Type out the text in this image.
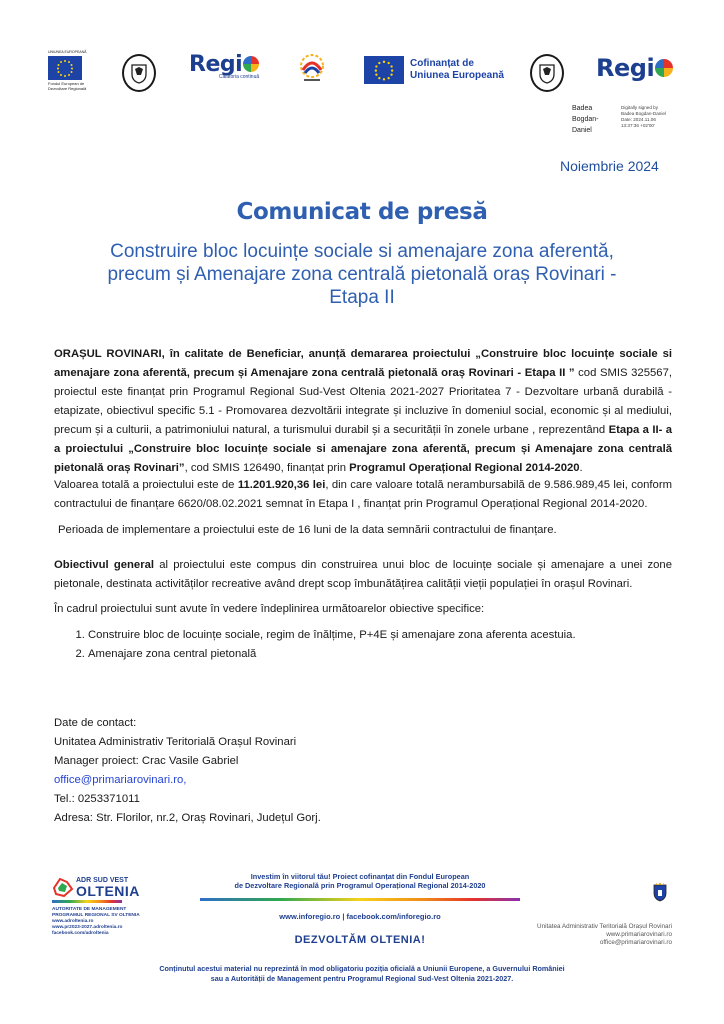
UNIUNEA EUROPEANĂ
Fondul European de Dezvoltare Regională
Regi
Călătoria continuă
Cofinanțat de
Uniunea Europeană	Regi
Badea
Bogdan-
Daniel
Digitally signed by
Badea Bogdan-Daniel
Date: 2024.11.06
13:37:36 +02'00'
Noiembrie 2024
Comunicat de presă
Construire bloc locuințe sociale si amenajare zona aferentă,
precum și Amenajare zona centrală pietonală oraș Rovinari -
Etapa II
ORAȘUL ROVINARI, în calitate de Beneficiar, anunță demararea proiectului „Construire bloc locuințe sociale si amenajare zona aferentă, precum și Amenajare zona centrală pietonală oraș Rovinari - Etapa II ” cod SMIS 325567, proiectul este finanțat prin Programul Regional Sud-Vest Oltenia 2021-2027 Prioritatea 7 - Dezvoltare urbană durabilă - etapizate, obiectivul specific 5.1 - Promovarea dezvoltării integrate și incluzive în domeniul social, economic și al mediului, precum și a culturii, a patrimoniului natural, a turismului durabil și a securității în zonele urbane , reprezentând Etapa a II- a a proiectului „Construire bloc locuințe sociale si amenajare zona aferentă, precum și Amenajare zona centrală pietonală oraș Rovinari”, cod SMIS 126490, finanțat prin Programul Operațional Regional 2014-2020.
Valoarea totală a proiectului este de 11.201.920,36 lei, din care valoare totală nerambursabilă de 9.586.989,45 lei, conform contractului de finanțare 6620/08.02.2021 semnat în Etapa I , finanțat prin Programul Operațional Regional 2014-2020.
Perioada de implementare a proiectului este de 16 luni de la data semnării contractului de finanțare.
Obiectivul general al proiectului este compus din construirea unui bloc de locuințe sociale și amenajare a unei zone pietonale, destinata activităților recreative având drept scop îmbunătățirea calității vieții populației în orașul Rovinari.
În cadrul proiectului sunt avute în vedere îndeplinirea următoarelor obiective specifice:
1. Construire bloc de locuințe sociale, regim de înălțime, P+4E și amenajare zona aferenta acestuia.
2. Amenajare zona central pietonală
Date de contact:
Unitatea Administrativ Teritorială Orașul Rovinari
Manager proiect: Crac Vasile Gabriel
office@primariarovinari.ro,
Tel.: 0253371011
Adresa: Str. Florilor, nr.2, Oraș Rovinari, Județul Gorj.
ADR SUD VEST
OLTENIA
AUTORITATE DE MANAGEMENT
PROGRAMUL REGIONAL SV OLTENIA
www.adroltenia.ro
www.pr2023-2027.adroltenia.ro
facebook.com/adroltenia
Investim în viitorul tău! Proiect cofinanțat din Fondul European
de Dezvoltare Regională prin Programul Operațional Regional 2014-2020
www.inforegio.ro | facebook.com/inforegio.ro
DEZVOLTĂM OLTENIA!
Unitatea Administrativ Teritorială Orașul Rovinari
www.primariarovinari.ro
office@primariarovinari.ro
Conținutul acestui material nu reprezintă în mod obligatoriu poziția oficială a Uniunii Europene, a Guvernului României
sau a Autorității de Management pentru Programul Regional Sud-Vest Oltenia 2021-2027.
